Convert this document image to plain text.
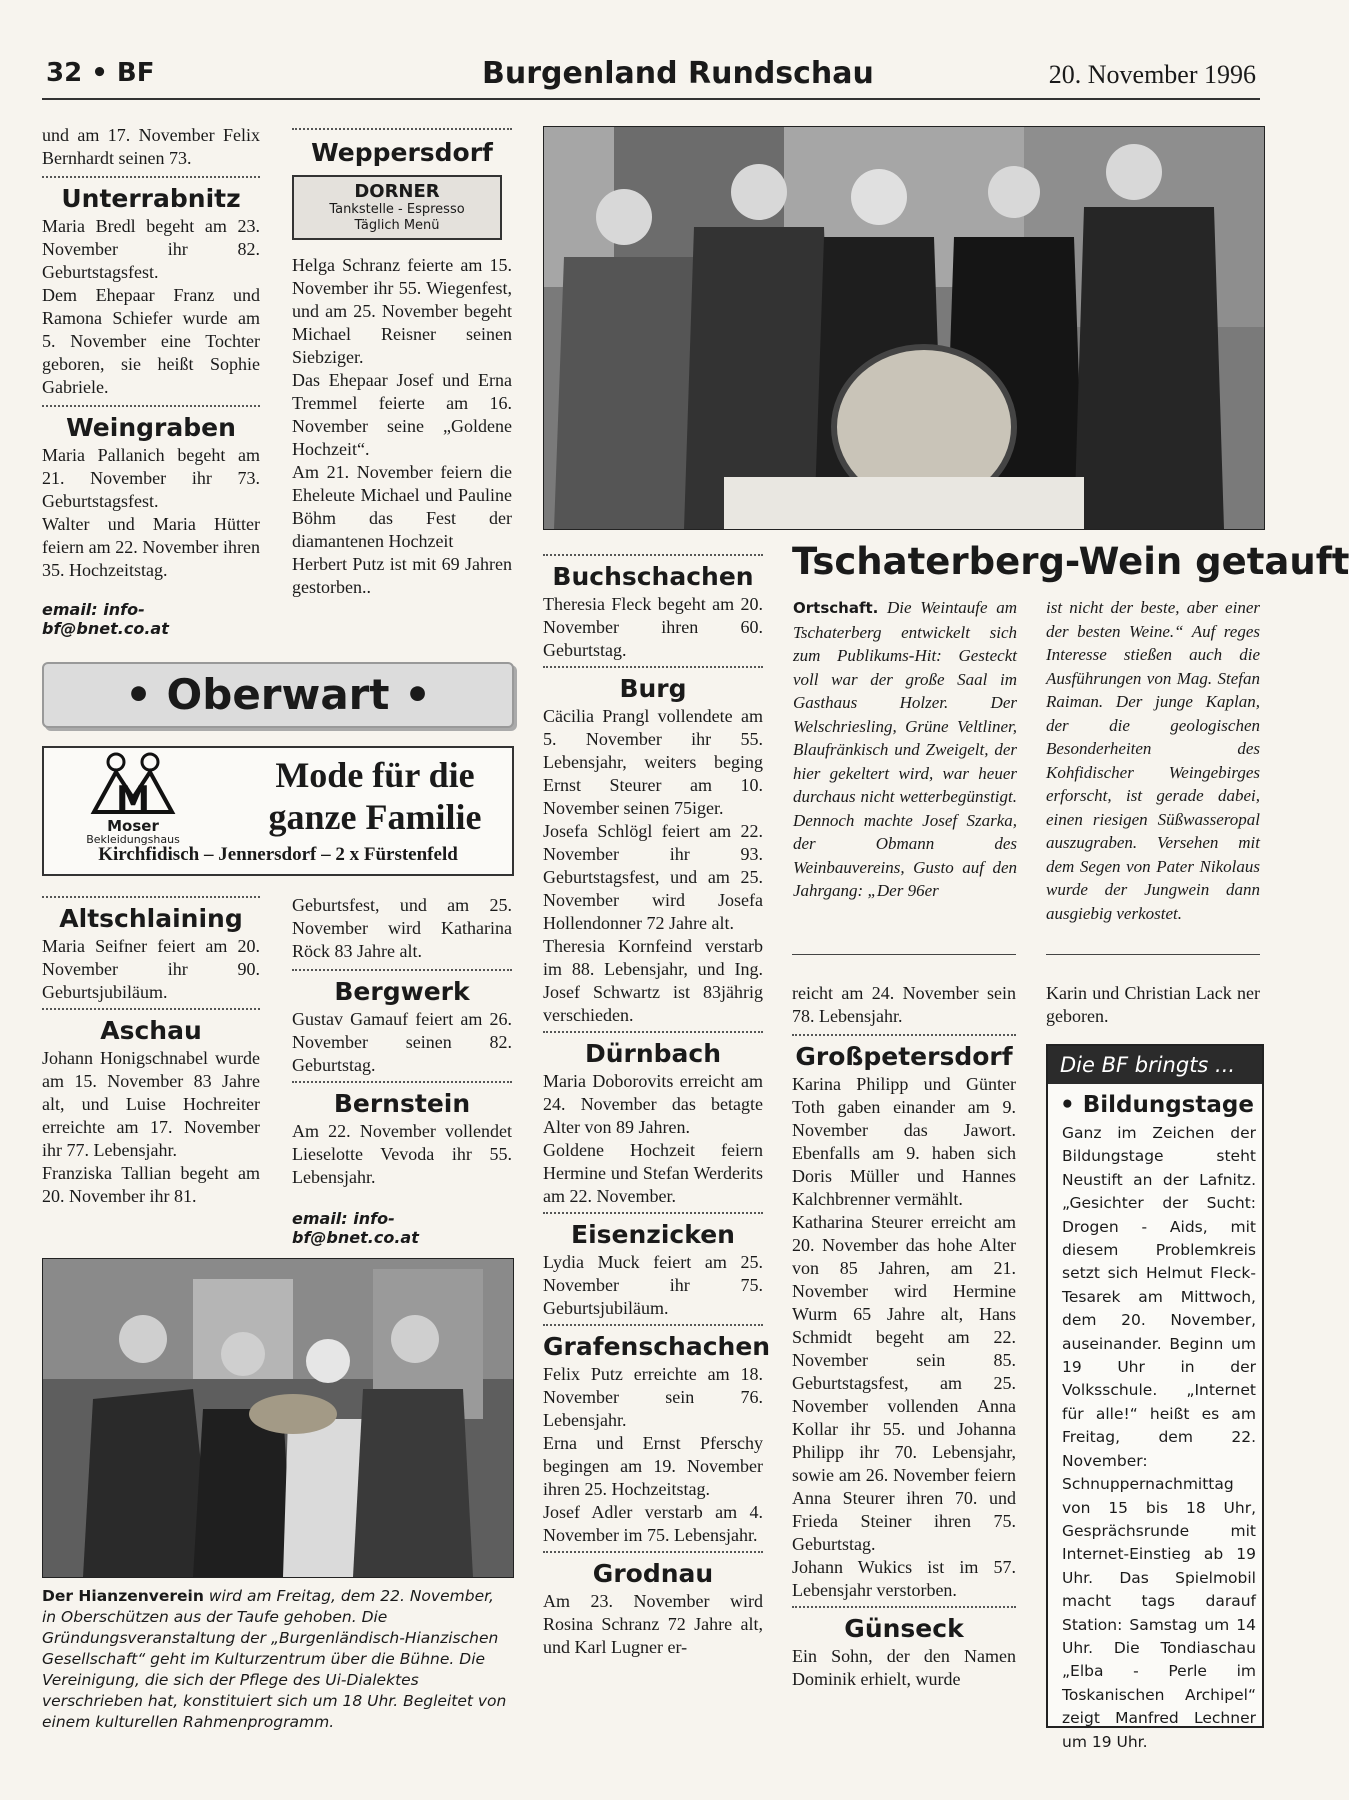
32 • BF	Burgenland Rundschau	20. November 1996

und am 17. November Felix Bernhardt seinen 73.

Unterrabnitz

Maria Bredl begeht am 23. November ihr 82. Geburtstagsfest.
Dem Ehepaar Franz und Ramona Schiefer wurde am 5. November eine Tochter geboren, sie heißt Sophie Gabriele.

Weingraben

Maria Pallanich begeht am 21. November ihr 73. Geburtstagsfest.
Walter und Maria Hütter feiern am 22. November ihren 35. Hochzeitstag.

email: info-bf@bnet.co.at
Weppersdorf
DORNER
Tankstelle - Espresso
Täglich Menü

Helga Schranz feierte am 15. November ihr 55. Wiegenfest, und am 25. November begeht Michael Reisner seinen Siebziger.
Das Ehepaar Josef und Erna Tremmel feierte am 16. November seine „Goldene Hochzeit“.
Am 21. November feiern die Eheleute Michael und Pauline Böhm das Fest der diamantenen Hochzeit
Herbert Putz ist mit 69 Jahren gestorben..

• Oberwart •
M
Moser
Bekleidungshaus
Mode für die
ganze Familie
Kirchfidisch – Jennersdorf – 2 x Fürstenfeld
Altschlaining

Maria Seifner feiert am 20. November ihr 90. Geburtsjubiläum.

Aschau

Johann Honigschnabel wurde am 15. November 83 Jahre alt, und Luise Hochreiter erreichte am 17. November ihr 77. Lebensjahr.
Franziska Tallian begeht am 20. November ihr 81.

Geburtsfest, und am 25. November wird Katharina Röck 83 Jahre alt.

Bergwerk

Gustav Gamauf feiert am 26. November seinen 82. Geburtstag.

Bernstein

Am 22. November vollendet Lieselotte Vevoda ihr 55. Lebensjahr.

email: info-bf@bnet.co.at
Der Hianzenverein wird am Freitag, dem 22. November, in Oberschützen aus der Taufe gehoben. Die Gründungsveranstaltung der „Burgenländisch-Hianzischen Gesellschaft“ geht im Kulturzentrum über die Bühne. Die Vereinigung, die sich der Pflege des Ui-Dialektes verschrieben hat, konstituiert sich um 18 Uhr. Begleitet von einem kulturellen Rahmenprogramm.
Buchschachen

Theresia Fleck begeht am 20. November ihren 60. Geburtstag.

Burg

Cäcilia Prangl vollendete am 5. November ihr 55. Lebensjahr, weiters beging Ernst Steurer am 10. November seinen 75iger.
Josefa Schlögl feiert am 22. November ihr 93. Geburtstagsfest, und am 25. November wird Josefa Hollendonner 72 Jahre alt.
Theresia Kornfeind verstarb im 88. Lebensjahr, und Ing. Josef Schwartz ist 83jährig verschieden.

Dürnbach

Maria Doborovits erreicht am 24. November das betagte Alter von 89 Jahren.
Goldene Hochzeit feiern Hermine und Stefan Werderits am 22. November.

Eisenzicken

Lydia Muck feiert am 25. November ihr 75. Geburtsjubiläum.

Grafenschachen

Felix Putz erreichte am 18. November sein 76. Lebensjahr.
Erna und Ernst Pferschy begingen am 19. November ihren 25. Hochzeitstag.
Josef Adler verstarb am 4. November im 75. Lebensjahr.

Grodnau

Am 23. November wird Rosina Schranz 72 Jahre alt, und Karl Lugner er-

Tschaterberg-Wein getauft
Ortschaft. Die Weintaufe am Tschaterberg entwickelt sich zum Publikums-Hit: Gesteckt voll war der große Saal im Gasthaus Holzer. Der Welschriesling, Grüne Veltliner, Blaufränkisch und Zweigelt, der hier gekeltert wird, war heuer durchaus nicht wetterbegünstigt. Dennoch machte Josef Szarka, der Obmann des Weinbauvereins, Gusto auf den Jahrgang: „Der 96er
ist nicht der beste, aber einer der besten Weine.“ Auf reges Interesse stießen auch die Ausführungen von Mag. Stefan Raiman. Der junge Kaplan, der die geologischen Besonderheiten des Kohfidischer Weingebirges erforscht, ist gerade dabei, einen riesigen Süßwasseropal auszugraben. Versehen mit dem Segen von Pater Nikolaus wurde der Jungwein dann ausgiebig verkostet.

reicht am 24. November sein 78. Lebensjahr.

Großpetersdorf

Karina Philipp und Günter Toth gaben einander am 9. November das Jawort. Ebenfalls am 9. haben sich Doris Müller und Hannes Kalchbrenner vermählt.
Katharina Steurer erreicht am 20. November das hohe Alter von 85 Jahren, am 21. November wird Hermine Wurm 65 Jahre alt, Hans Schmidt begeht am 22. November sein 85. Geburtstagsfest, am 25. November vollenden Anna Kollar ihr 55. und Johanna Philipp ihr 70. Lebensjahr, sowie am 26. November feiern Anna Steurer ihren 70. und Frieda Steiner ihren 75. Geburtstag.
Johann Wukics ist im 57. Lebensjahr verstorben.

Günseck

Ein Sohn, der den Namen Dominik erhielt, wurde

Karin und Christian Lack ner geboren.

Die BF bringts ...
• Bildungstage
Ganz im Zeichen der Bildungstage steht Neustift an der Lafnitz. „Gesichter der Sucht: Drogen - Aids, mit diesem Problemkreis setzt sich Helmut Fleck-Tesarek am Mittwoch, dem 20. November, auseinander. Beginn um 19 Uhr in der Volksschule. „Internet für alle!“ heißt es am Freitag, dem 22. November: Schnuppernachmittag von 15 bis 18 Uhr, Gesprächsrunde mit Internet-Einstieg ab 19 Uhr. Das Spielmobil macht tags darauf Station: Samstag um 14 Uhr. Die Tondiaschau „Elba - Perle im Toskanischen Archipel“ zeigt Manfred Lechner um 19 Uhr.
